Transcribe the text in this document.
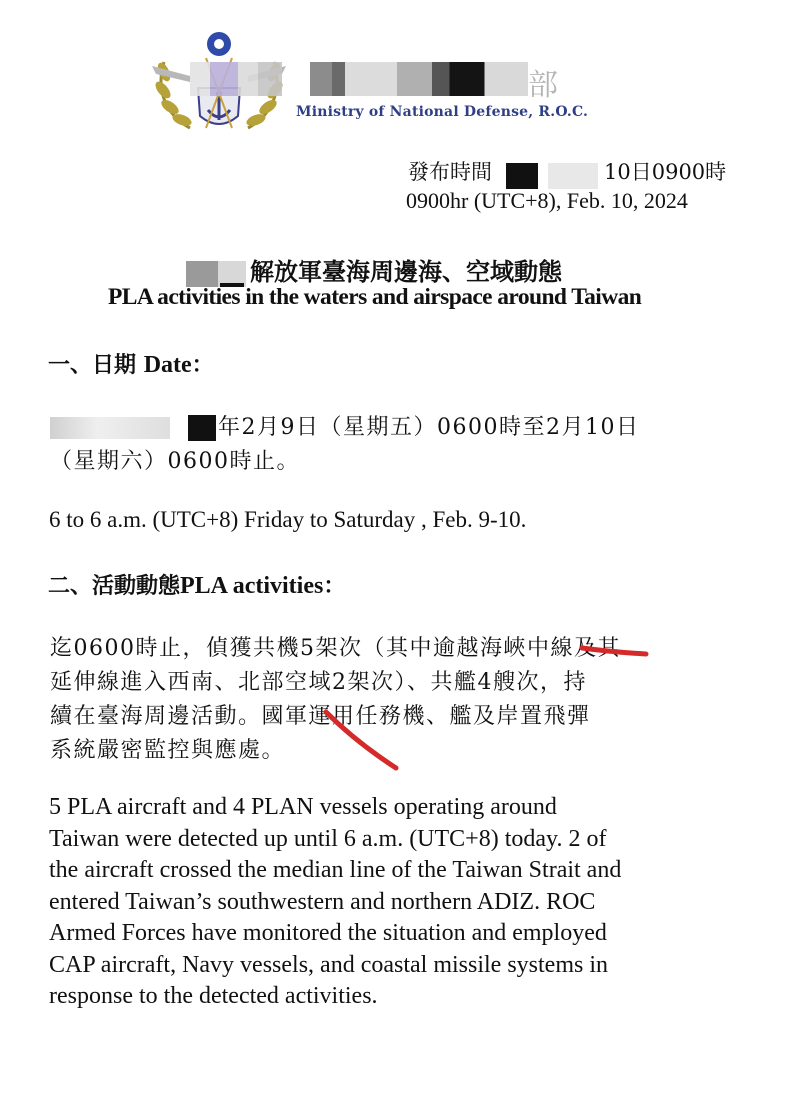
部
Ministry of National Defense, R.O.C.
發布時間	10日0900時
0900hr (UTC+8), Feb. 10, 2024
解放軍臺海周邊海、空域動態
PLA activities in the waters and airspace around Taiwan
一、日期 Date：
年2月9日（星期五）0600時至2月10日
（星期六）0600時止。
6 to 6 a.m. (UTC+8) Friday to Saturday , Feb. 9-10.
二、活動動態PLA activities：
迄0600時止，偵獲共機5架次（其中逾越海峽中線及其
延伸線進入西南、北部空域2架次）、共艦4艘次，持
續在臺海周邊活動。國軍運用任務機、艦及岸置飛彈
系統嚴密監控與應處。
5 PLA aircraft and 4 PLAN vessels operating around
Taiwan were detected up until 6 a.m. (UTC+8) today. 2 of
the aircraft crossed the median line of the Taiwan Strait and
entered Taiwan’s southwestern and northern ADIZ. ROC
Armed Forces have monitored the situation and employed
CAP aircraft, Navy vessels, and coastal missile systems in
response to the detected activities.
